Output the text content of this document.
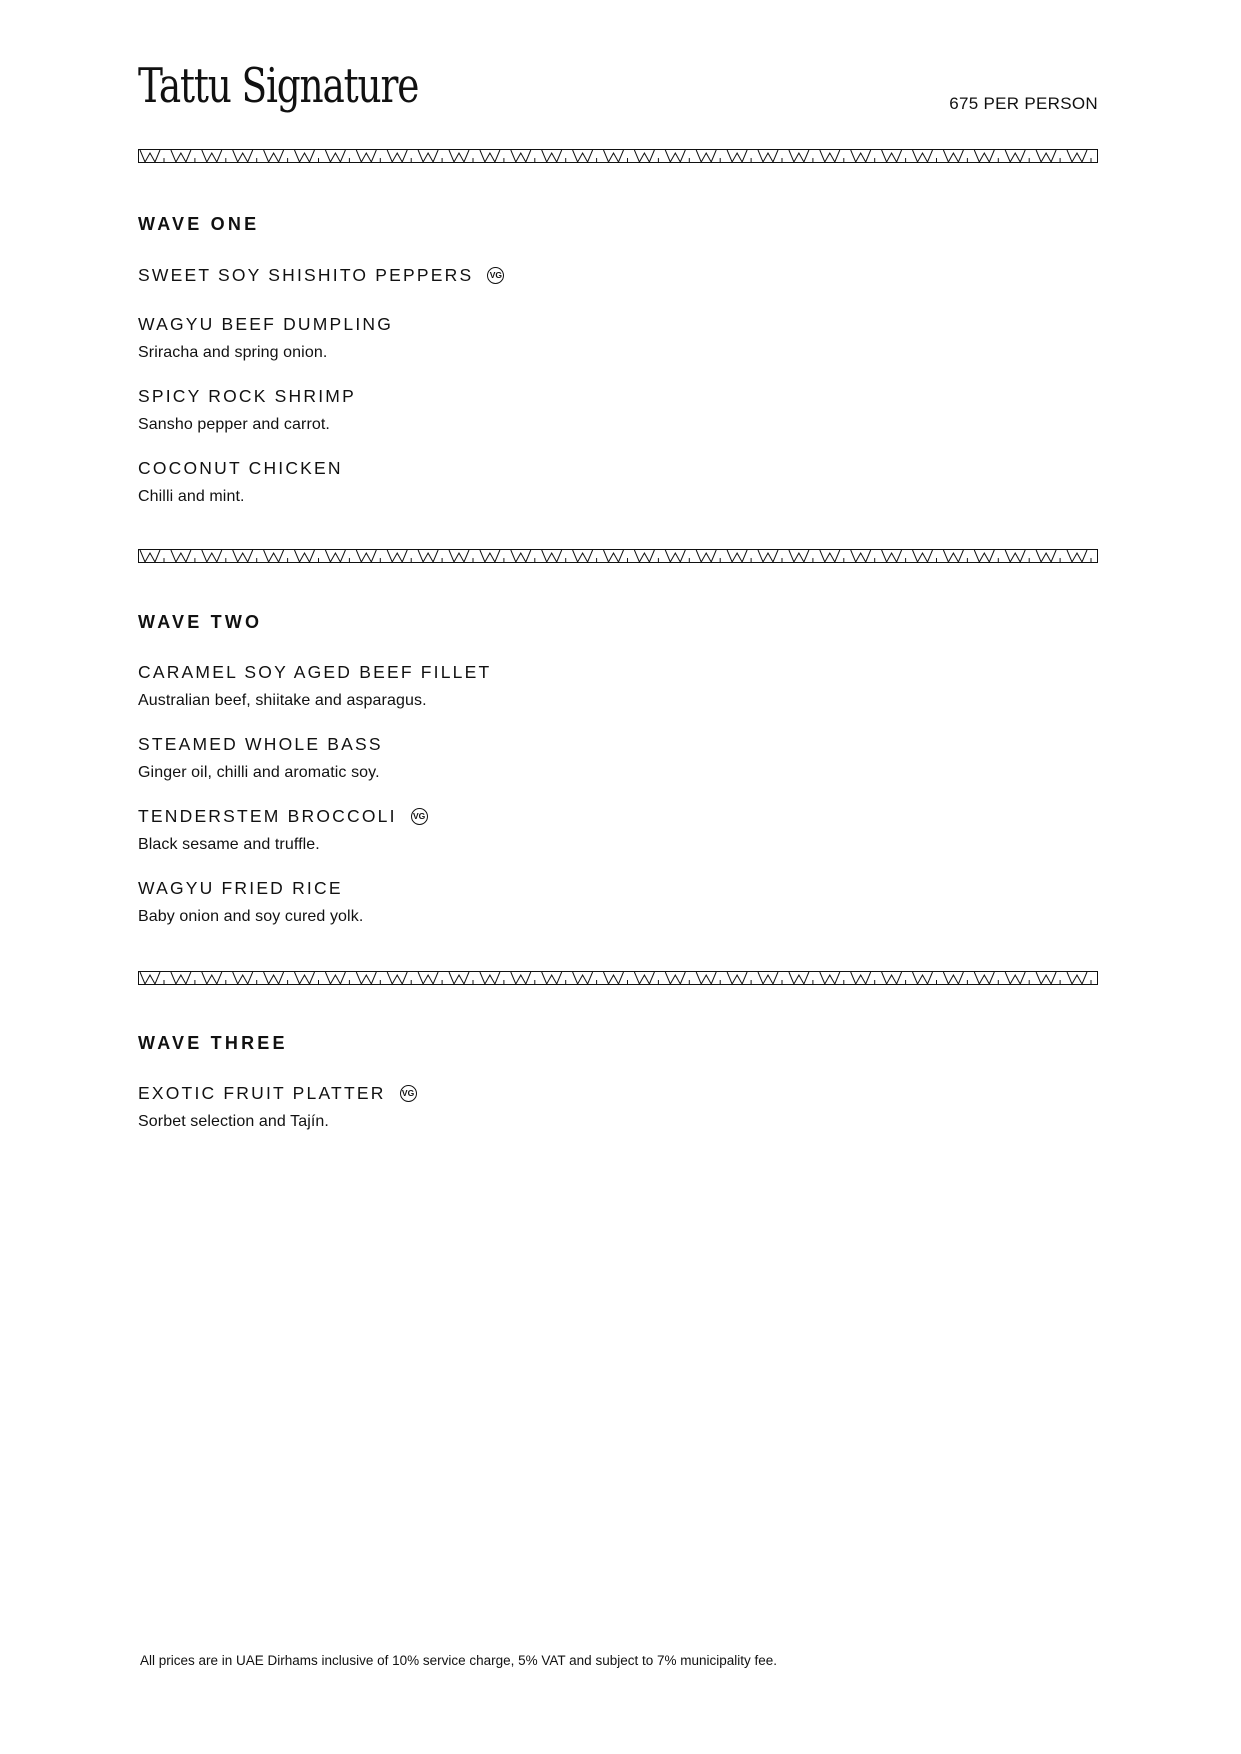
Tattu Signature	675 PER PERSON
WAVE ONE
SWEET SOY SHISHITO PEPPERS VG
WAGYU BEEF DUMPLING
Sriracha and spring onion.
SPICY ROCK SHRIMP
Sansho pepper and carrot.
COCONUT CHICKEN
Chilli and mint.
WAVE TWO
CARAMEL SOY AGED BEEF FILLET
Australian beef, shiitake and asparagus.
STEAMED WHOLE BASS
Ginger oil, chilli and aromatic soy.
TENDERSTEM BROCCOLI VG
Black sesame and truffle.
WAGYU FRIED RICE
Baby onion and soy cured yolk.
WAVE THREE
EXOTIC FRUIT PLATTER VG
Sorbet selection and Tajín.
All prices are in UAE Dirhams inclusive of 10% service charge, 5% VAT and subject to 7% municipality fee.
